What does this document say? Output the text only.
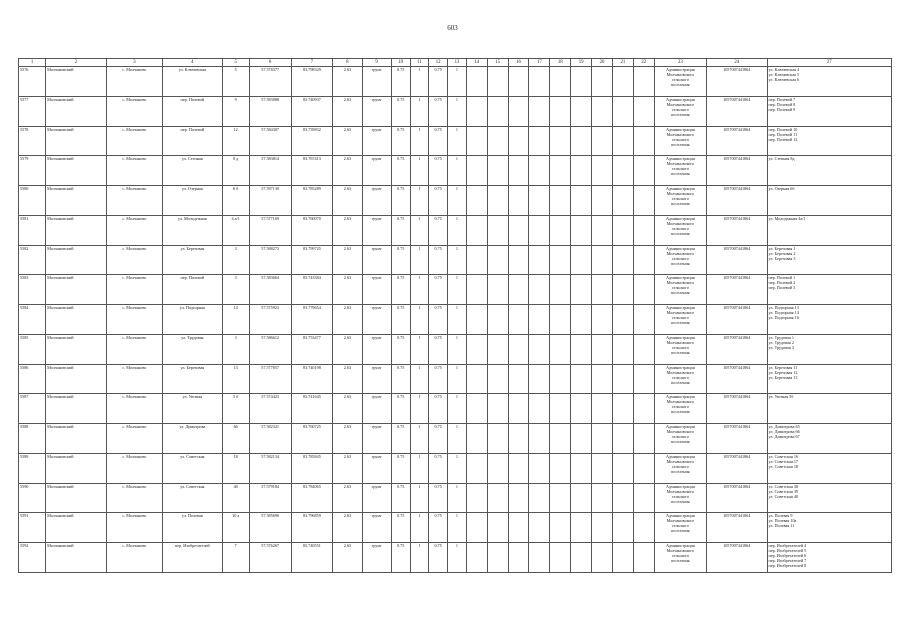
603
1	2	3	4	5	6	7	8	9	10	11	12	13	14	15	16	17	18	19	20	21	22	23	24	27
5576	Молчановский	с. Молчаново	ул. Ключевская	5	57.578377	83.798329	2.63	грунт	0.75	1	0.75	1										Администрация
Молчановского
сельского
поселения	1057007441864	ул. Ключевская 4
ул. Ключевская 5
ул. Ключевская 6

5577	Молчановский	с. Молчаново	пер. Полевой	9	57.583088	83.740937	2.63	грунт	0.75	1	0.75	1										Администрация
Молчановского
сельского
поселения	1057007441864	пер. Полевой 7
пер. Полевой 8
пер. Полевой 9

5578	Молчановский	с. Молчаново	пер. Полевой	12	57.584307	83.739832	2.63	грунт	0.75	1	0.75	1										Администрация
Молчановского
сельского
поселения	1057007441864	пер. Полевой 10
пер. Полевой 11
пер. Полевой 12

5579	Молчановский	с. Молчаново	ул. Степная	8 д	57.583814	83.767413	2.63	грунт	0.75	1	0.75	1										Администрация
Молчановского
сельского
поселения	1057007441864	ул. Степная 8д

5580	Молчановский	с. Молчаново	ул. Озерная	6 б	57.597130	83.785289	2.63	грунт	0.75	1	0.75	1										Администрация
Молчановского
сельского
поселения	1057007441864	ул. Озерная 6б

5581	Молчановский	с. Молчаново	ул. Молодежная	4 а/1	57.577169	83.760070	2.63	грунт	0.75	1	0.75	1										Администрация
Молчановского
сельского
поселения	1057007441864	ул. Молодежная 4а/1

5582	Молчановский	с. Молчаново	ул. Березовая	3	57.588273	83.799725	2.63	грунт	0.75	1	0.75	1										Администрация
Молчановского
сельского
поселения	1057007441864	ул. Березовая 1
ул. Березовая 2
ул. Березовая 3

5583	Молчановский	с. Молчаново	пер. Полевой	3	57.583664	83.743384	2.63	грунт	0.75	1	0.75	1										Администрация
Молчановского
сельского
поселения	1057007441864	пер. Полевой 1
пер. Полевой 2
пер. Полевой 3

5584	Молчановский	с. Молчаново	ул. Подгорная	14	57.575923	83.779654	2.63	грунт	0.75	1	0.75	1										Администрация
Молчановского
сельского
поселения	1057007441864	ул. Подгорная 13
ул. Подгорная 14
ул. Подгорная 16

5585	Молчановский	с. Молчаново	ул. Трудовая	3	57.586612	83.753477	2.63	грунт	0.75	1	0.75	1										Администрация
Молчановского
сельского
поселения	1057007441864	ул. Трудовая 1
ул. Трудовая 2
ул. Трудовая 3

5586	Молчановский	с. Молчаново	ул. Березовая	13	57.577857	83.740198	2.63	грунт	0.75	1	0.75	1										Администрация
Молчановского
сельского
поселения	1057007441864	ул. Березовая 11
ул. Березовая 12
ул. Березовая 13

5587	Молчановский	с. Молчаново	ул. Уютная	5 б	57.574423	83.741645	2.63	грунт	0.75	1	0.75	1										Администрация
Молчановского
сельского
поселения	1057007441864	ул. Уютная 5б

5588	Молчановский	с. Молчаново	ул. Димитрова	66	57.582321	83.760725	2.63	грунт	0.75	1	0.75	1										Администрация
Молчановского
сельского
поселения	1057007441864	ул. Димитрова 65
ул. Димитрова 66
ул. Димитрова 67

5589	Молчановский	с. Молчаново	ул. Советская	18	57.582134	83.785845	2.63	грунт	0.75	1	0.75	1										Администрация
Молчановского
сельского
поселения	1057007441864	ул. Советская 16
ул. Советская 17
ул. Советская 18

5590	Молчановский	с. Молчаново	ул. Советская	40	57.579184	83.784065	2.63	грунт	0.75	1	0.75	1										Администрация
Молчановского
сельского
поселения	1057007441864	ул. Советская 38
ул. Советская 39
ул. Советская 40

5591	Молчановский	с. Молчаново	ул. Полевая	10 а	57.585690	83.796859	2.63	грунт	0.75	1	0.75	1										Администрация
Молчановского
сельского
поселения	1057007441864	ул. Полевая 9
ул. Полевая 10а
ул. Полевая 11

5592	Молчановский	с. Молчаново	пер. Изобретателей	7	57.576267	83.740551	2.63	грунт	0.75	1	0.75	1										Администрация
Молчановского
сельского
поселения	1057007441864	пер. Изобретателей 4
пер. Изобретателей 5
пер. Изобретателей 6
пер. Изобретателей 7
пер. Изобретателей 8
